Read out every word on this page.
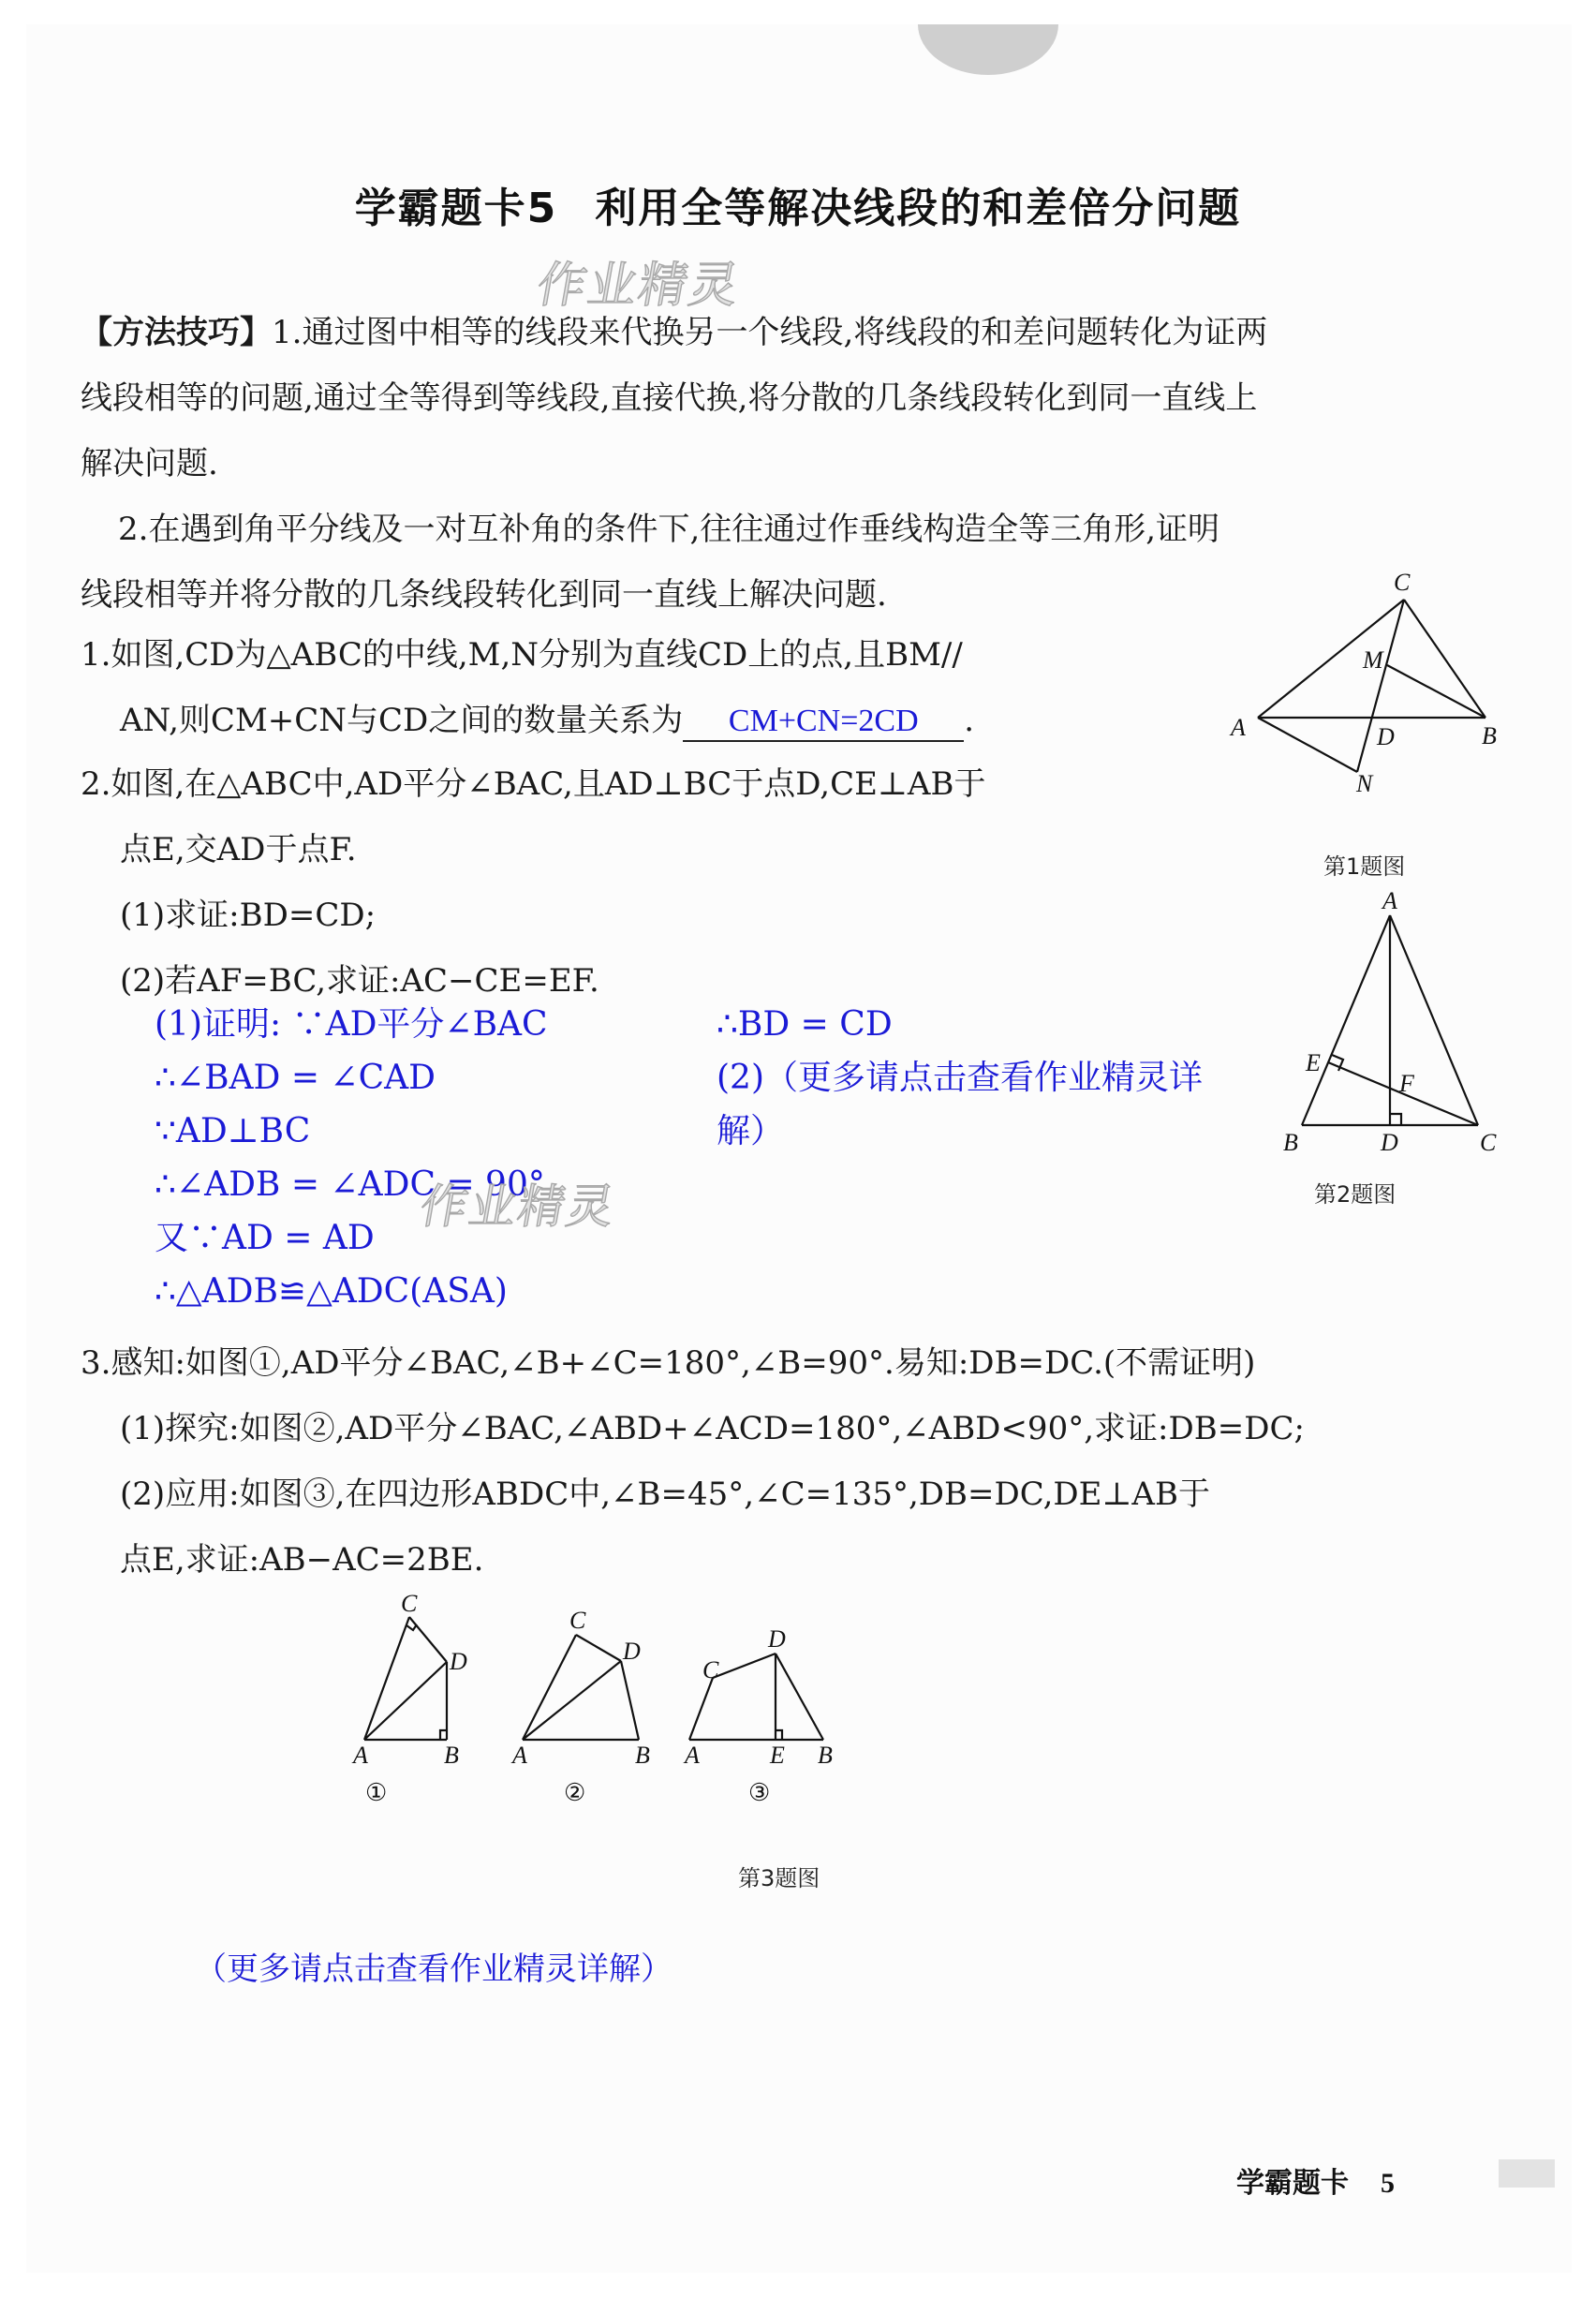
学霸题卡5 利用全等解决线段的和差倍分问题
作业精灵

【方法技巧】1.通过图中相等的线段来代换另一个线段,将线段的和差问题转化为证两

线段相等的问题,通过全等得到等线段,直接代换,将分散的几条线段转化到同一直线上

解决问题.

2.在遇到角平分线及一对互补角的条件下,往往通过作垂线构造全等三角形,证明

线段相等并将分散的几条线段转化到同一直线上解决问题.

1.如图,CD为△ABC的中线,M,N分别为直线CD上的点,且BM//
AN,则CM+CN与CD之间的数量关系为 CM+CN=2CD .
C
M
A	D	B
N
第1题图
2.如图,在△ABC中,AD平分∠BAC,且AD⊥BC于点D,CE⊥AB于
点E,交AD于点F.
(1)求证:BD=CD;
(2)若AF=BC,求证:AC−CE=EF.
(1)证明: ∵AD平分∠BAC
∴∠BAD = ∠CAD
∵AD⊥BC
∴∠ADB = ∠ADC = 90°
又∵AD = AD
∴△ADB≌△ADC(ASA)
∴BD = CD
(2)（更多请点击查看作业精灵详
解）
作业精灵
A
E
F
B	D	C
第2题图
3.感知:如图①,AD平分∠BAC,∠B+∠C=180°,∠B=90°.易知:DB=DC.(不需证明)
(1)探究:如图②,AD平分∠BAC,∠ABD+∠ACD=180°,∠ABD<90°,求证:DB=DC;
(2)应用:如图③,在四边形ABDC中,∠B=45°,∠C=135°,DB=DC,DE⊥AB于
点E,求证:AB−AC=2BE.
C
D
A	B
①
C
D
A	B
②
D
C
A	E B
③
第3题图
（更多请点击查看作业精灵详解）
学霸题卡 5
